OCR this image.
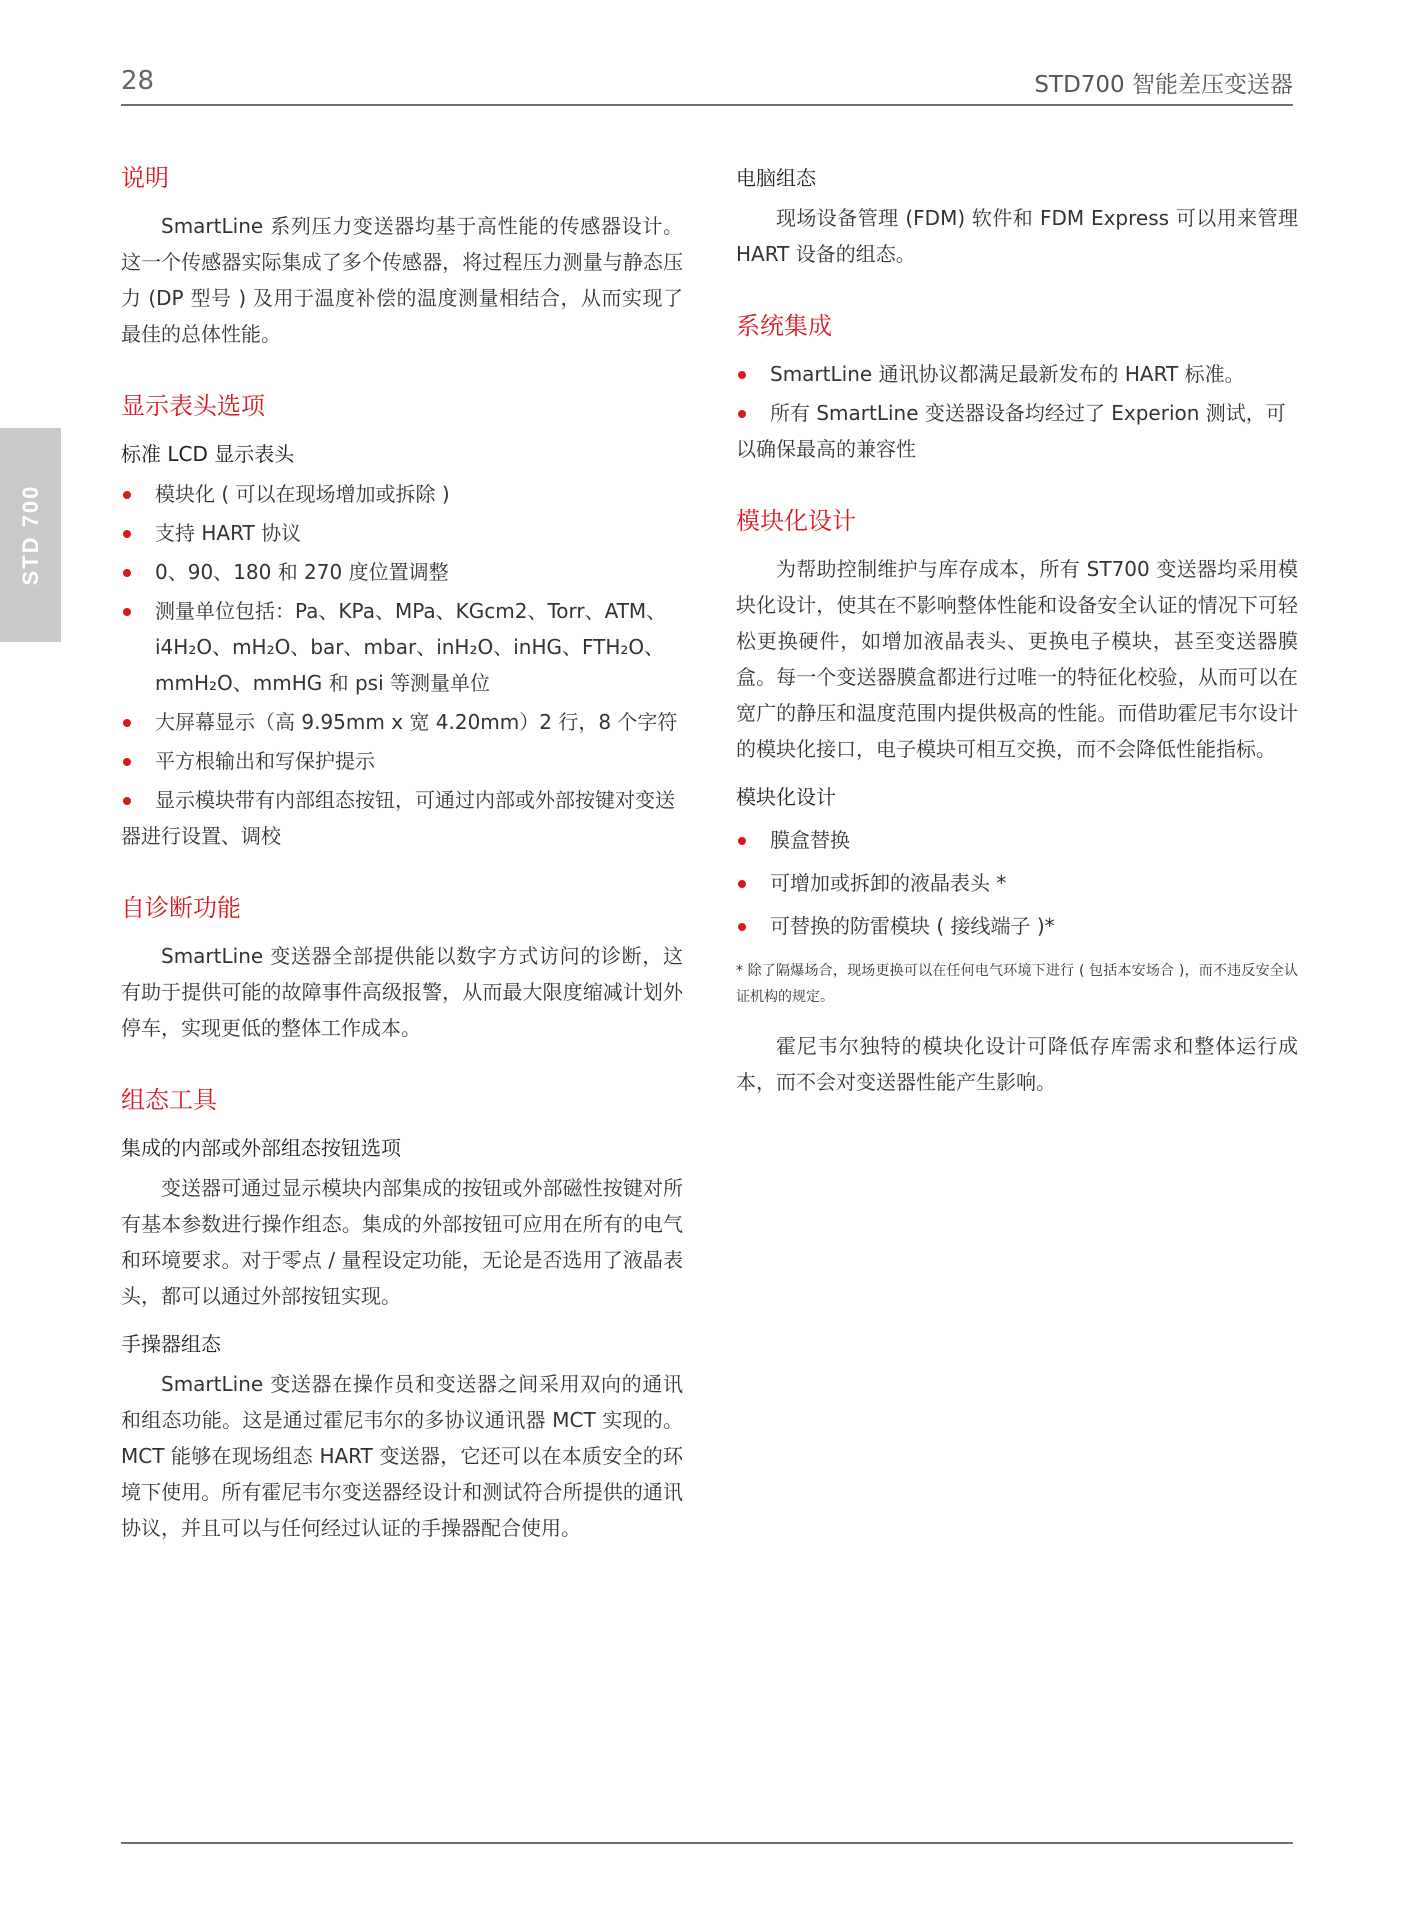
28	STD700 智能差压变送器
STD 700
说明

SmartLine 系列压力变送器均基于高性能的传感器设计。这一个传感器实际集成了多个传感器，将过程压力测量与静态压力 (DP 型号 ) 及用于温度补偿的温度测量相结合，从而实现了最佳的总体性能。

显示表头选项
标准 LCD 显示表头
模块化 ( 可以在现场增加或拆除 )
支持 HART 协议
0、90、180 和 270 度位置调整
测量单位包括：Pa、KPa、MPa、KGcm2、Torr、ATM、i4H₂O、mH₂O、bar、mbar、inH₂O、inHG、FTH₂O、mmH₂O、mmHG 和 psi 等测量单位
大屏幕显示（高 9.95mm x 宽 4.20mm）2 行，8 个字符
平方根输出和写保护提示
显示模块带有内部组态按钮，可通过内部或外部按键对变送器进行设置、调校
自诊断功能

SmartLine 变送器全部提供能以数字方式访问的诊断，这有助于提供可能的故障事件高级报警，从而最大限度缩减计划外停车，实现更低的整体工作成本。

组态工具
集成的内部或外部组态按钮选项

变送器可通过显示模块内部集成的按钮或外部磁性按键对所有基本参数进行操作组态。集成的外部按钮可应用在所有的电气和环境要求。对于零点 / 量程设定功能，无论是否选用了液晶表头，都可以通过外部按钮实现。

手操器组态

SmartLine 变送器在操作员和变送器之间采用双向的通讯和组态功能。这是通过霍尼韦尔的多协议通讯器 MCT 实现的。MCT 能够在现场组态 HART 变送器，它还可以在本质安全的环境下使用。所有霍尼韦尔变送器经设计和测试符合所提供的通讯协议，并且可以与任何经过认证的手操器配合使用。

电脑组态

现场设备管理 (FDM) 软件和 FDM Express 可以用来管理 HART 设备的组态。

系统集成
SmartLine 通讯协议都满足最新发布的 HART 标准。
所有 SmartLine 变送器设备均经过了 Experion 测试，可以确保最高的兼容性
模块化设计

为帮助控制维护与库存成本，所有 ST700 变送器均采用模块化设计，使其在不影响整体性能和设备安全认证的情况下可轻松更换硬件，如增加液晶表头、更换电子模块，甚至变送器膜盒。每一个变送器膜盒都进行过唯一的特征化校验，从而可以在宽广的静压和温度范围内提供极高的性能。而借助霍尼韦尔设计的模块化接口，电子模块可相互交换，而不会降低性能指标。

模块化设计
膜盒替换
可增加或拆卸的液晶表头 *
可替换的防雷模块 ( 接线端子 )*

* 除了隔爆场合，现场更换可以在任何电气环境下进行 ( 包括本安场合 )，而不违反安全认证机构的规定。

霍尼韦尔独特的模块化设计可降低存库需求和整体运行成本，而不会对变送器性能产生影响。
